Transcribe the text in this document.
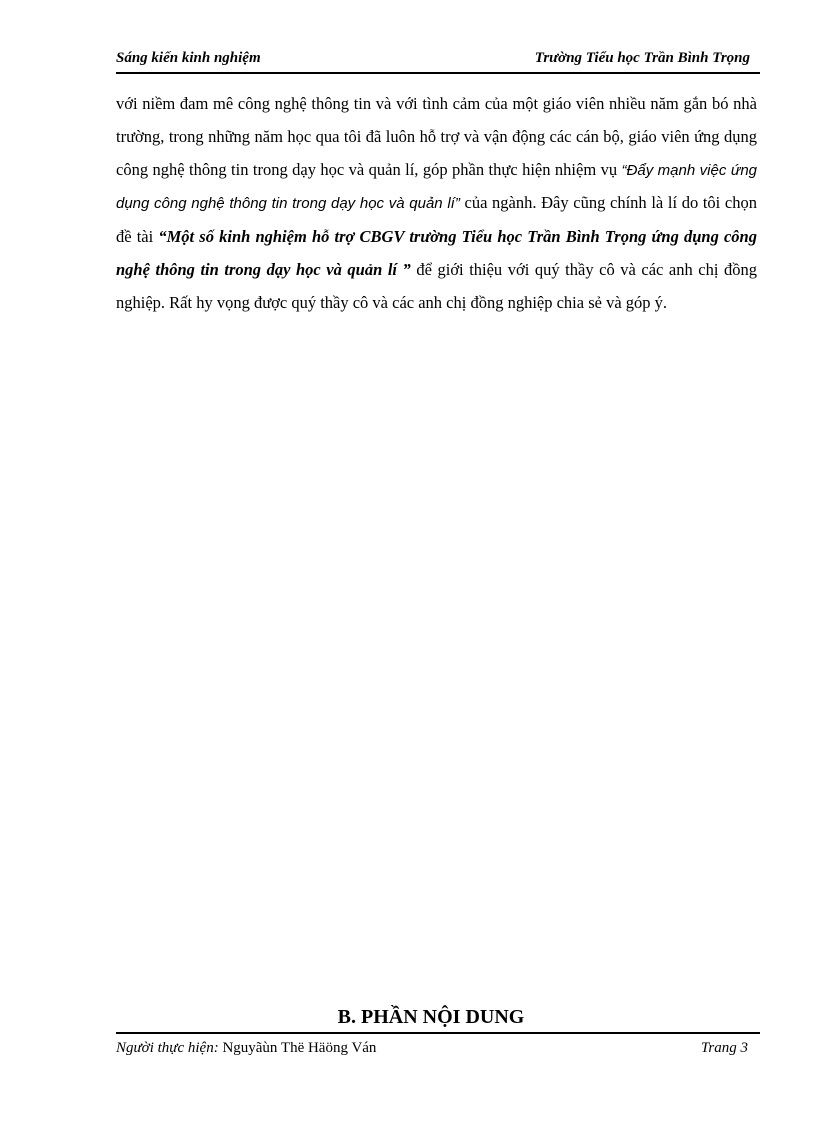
Sáng kiến kinh nghiệm	Trường Tiểu học Trần Bình Trọng

với niềm đam mê công nghệ thông tin và với tình cảm của một giáo viên nhiều năm gắn bó nhà trường, trong những năm học qua tôi đã luôn hỗ trợ và vận động các cán bộ, giáo viên ứng dụng công nghệ thông tin trong dạy học và quản lí, góp phần thực hiện nhiệm vụ “Đẩy mạnh việc ứng dụng công nghệ thông tin trong dạy học và quản lí” của ngành. Đây cũng chính là lí do tôi chọn đề tài “Một số kinh nghiệm hỗ trợ CBGV trường Tiểu học Trần Bình Trọng ứng dụng công nghệ thông tin trong dạy học và quản lí ” để giới thiệu với quý thầy cô và các anh chị đồng nghiệp. Rất hy vọng được quý thầy cô và các anh chị đồng nghiệp chia sẻ và góp ý.

B. PHẦN NỘI DUNG
Người thực hiện: Nguyãùn Thë Häöng Ván	Trang 3
